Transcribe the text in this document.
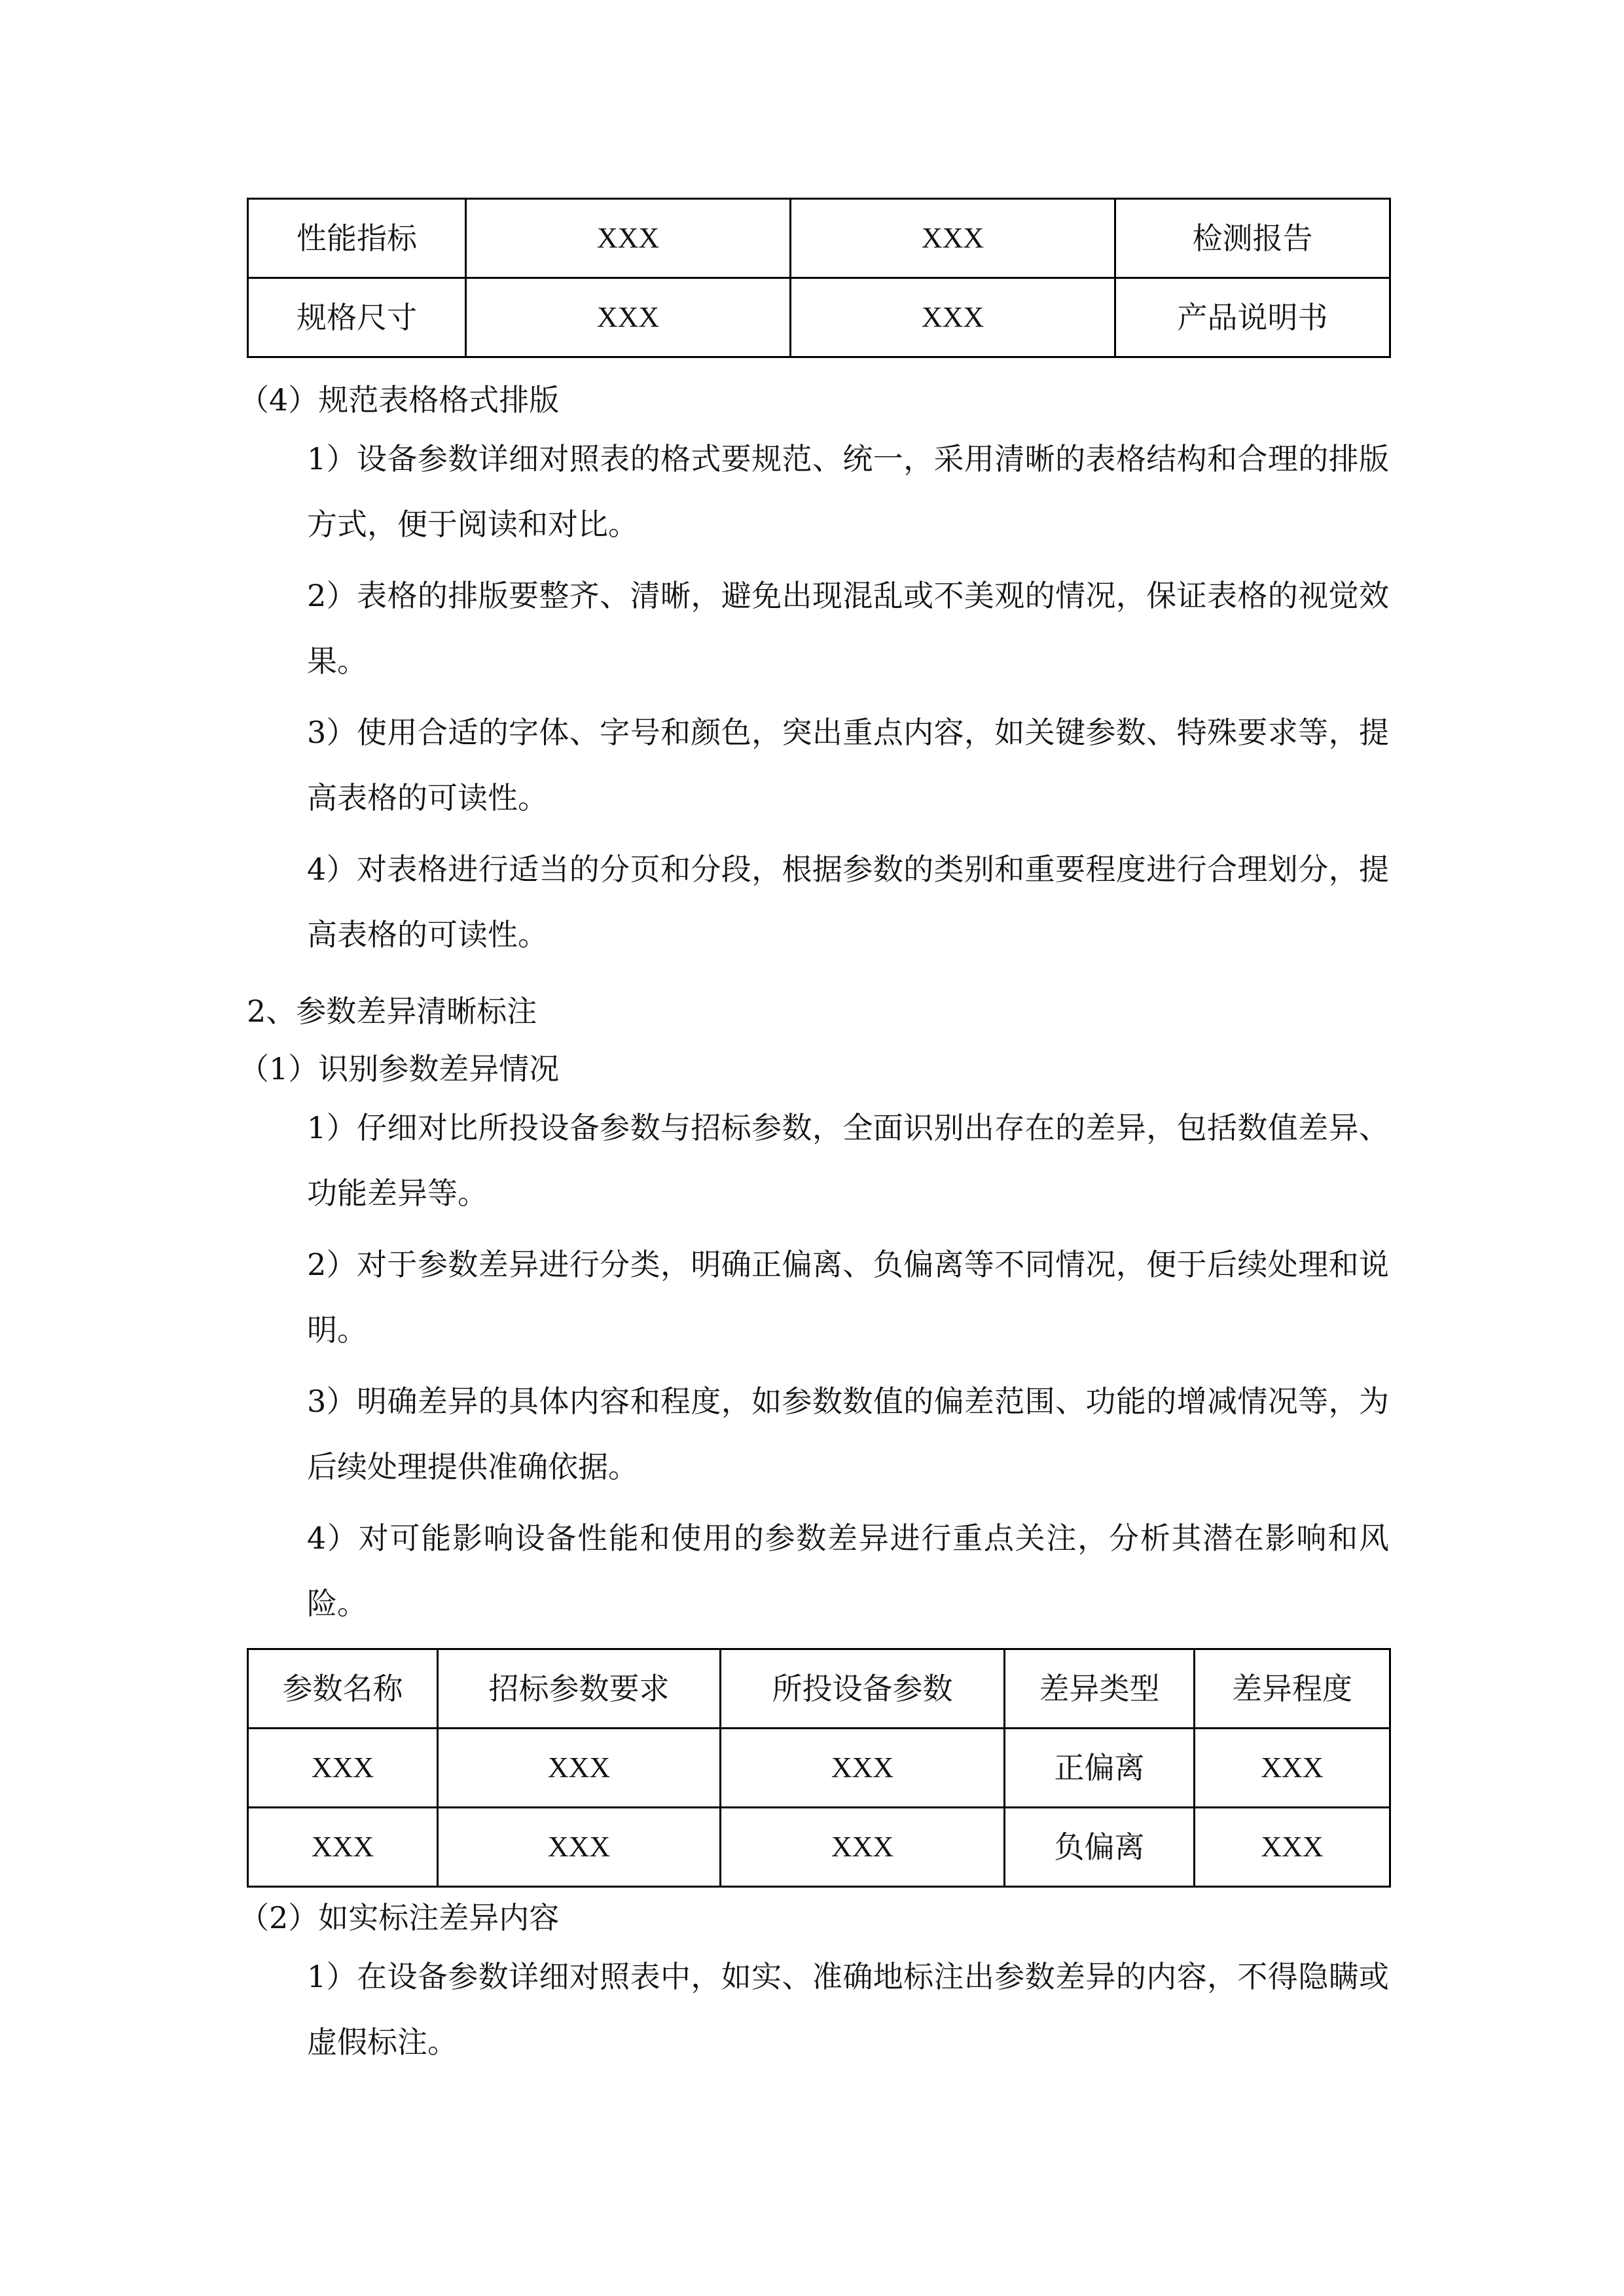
性能指标	XXX	XXX	检测报告
规格尺寸	XXX	XXX	产品说明书
（4）规范表格格式排版
1）设备参数详细对照表的格式要规范、统一，采用清晰的表格结构和合理的排版方式，便于阅读和对比。
2）表格的排版要整齐、清晰，避免出现混乱或不美观的情况，保证表格的视觉效果。
3）使用合适的字体、字号和颜色，突出重点内容，如关键参数、特殊要求等，提高表格的可读性。
4）对表格进行适当的分页和分段，根据参数的类别和重要程度进行合理划分，提高表格的可读性。
2、参数差异清晰标注
（1）识别参数差异情况
1）仔细对比所投设备参数与招标参数，全面识别出存在的差异，包括数值差异、功能差异等。
2）对于参数差异进行分类，明确正偏离、负偏离等不同情况，便于后续处理和说明。
3）明确差异的具体内容和程度，如参数数值的偏差范围、功能的增减情况等，为后续处理提供准确依据。
4）对可能影响设备性能和使用的参数差异进行重点关注，分析其潜在影响和风险。
参数名称	招标参数要求	所投设备参数	差异类型	差异程度
XXX	XXX	XXX	正偏离	XXX
XXX	XXX	XXX	负偏离	XXX
（2）如实标注差异内容
1）在设备参数详细对照表中，如实、准确地标注出参数差异的内容，不得隐瞒或虚假标注。
